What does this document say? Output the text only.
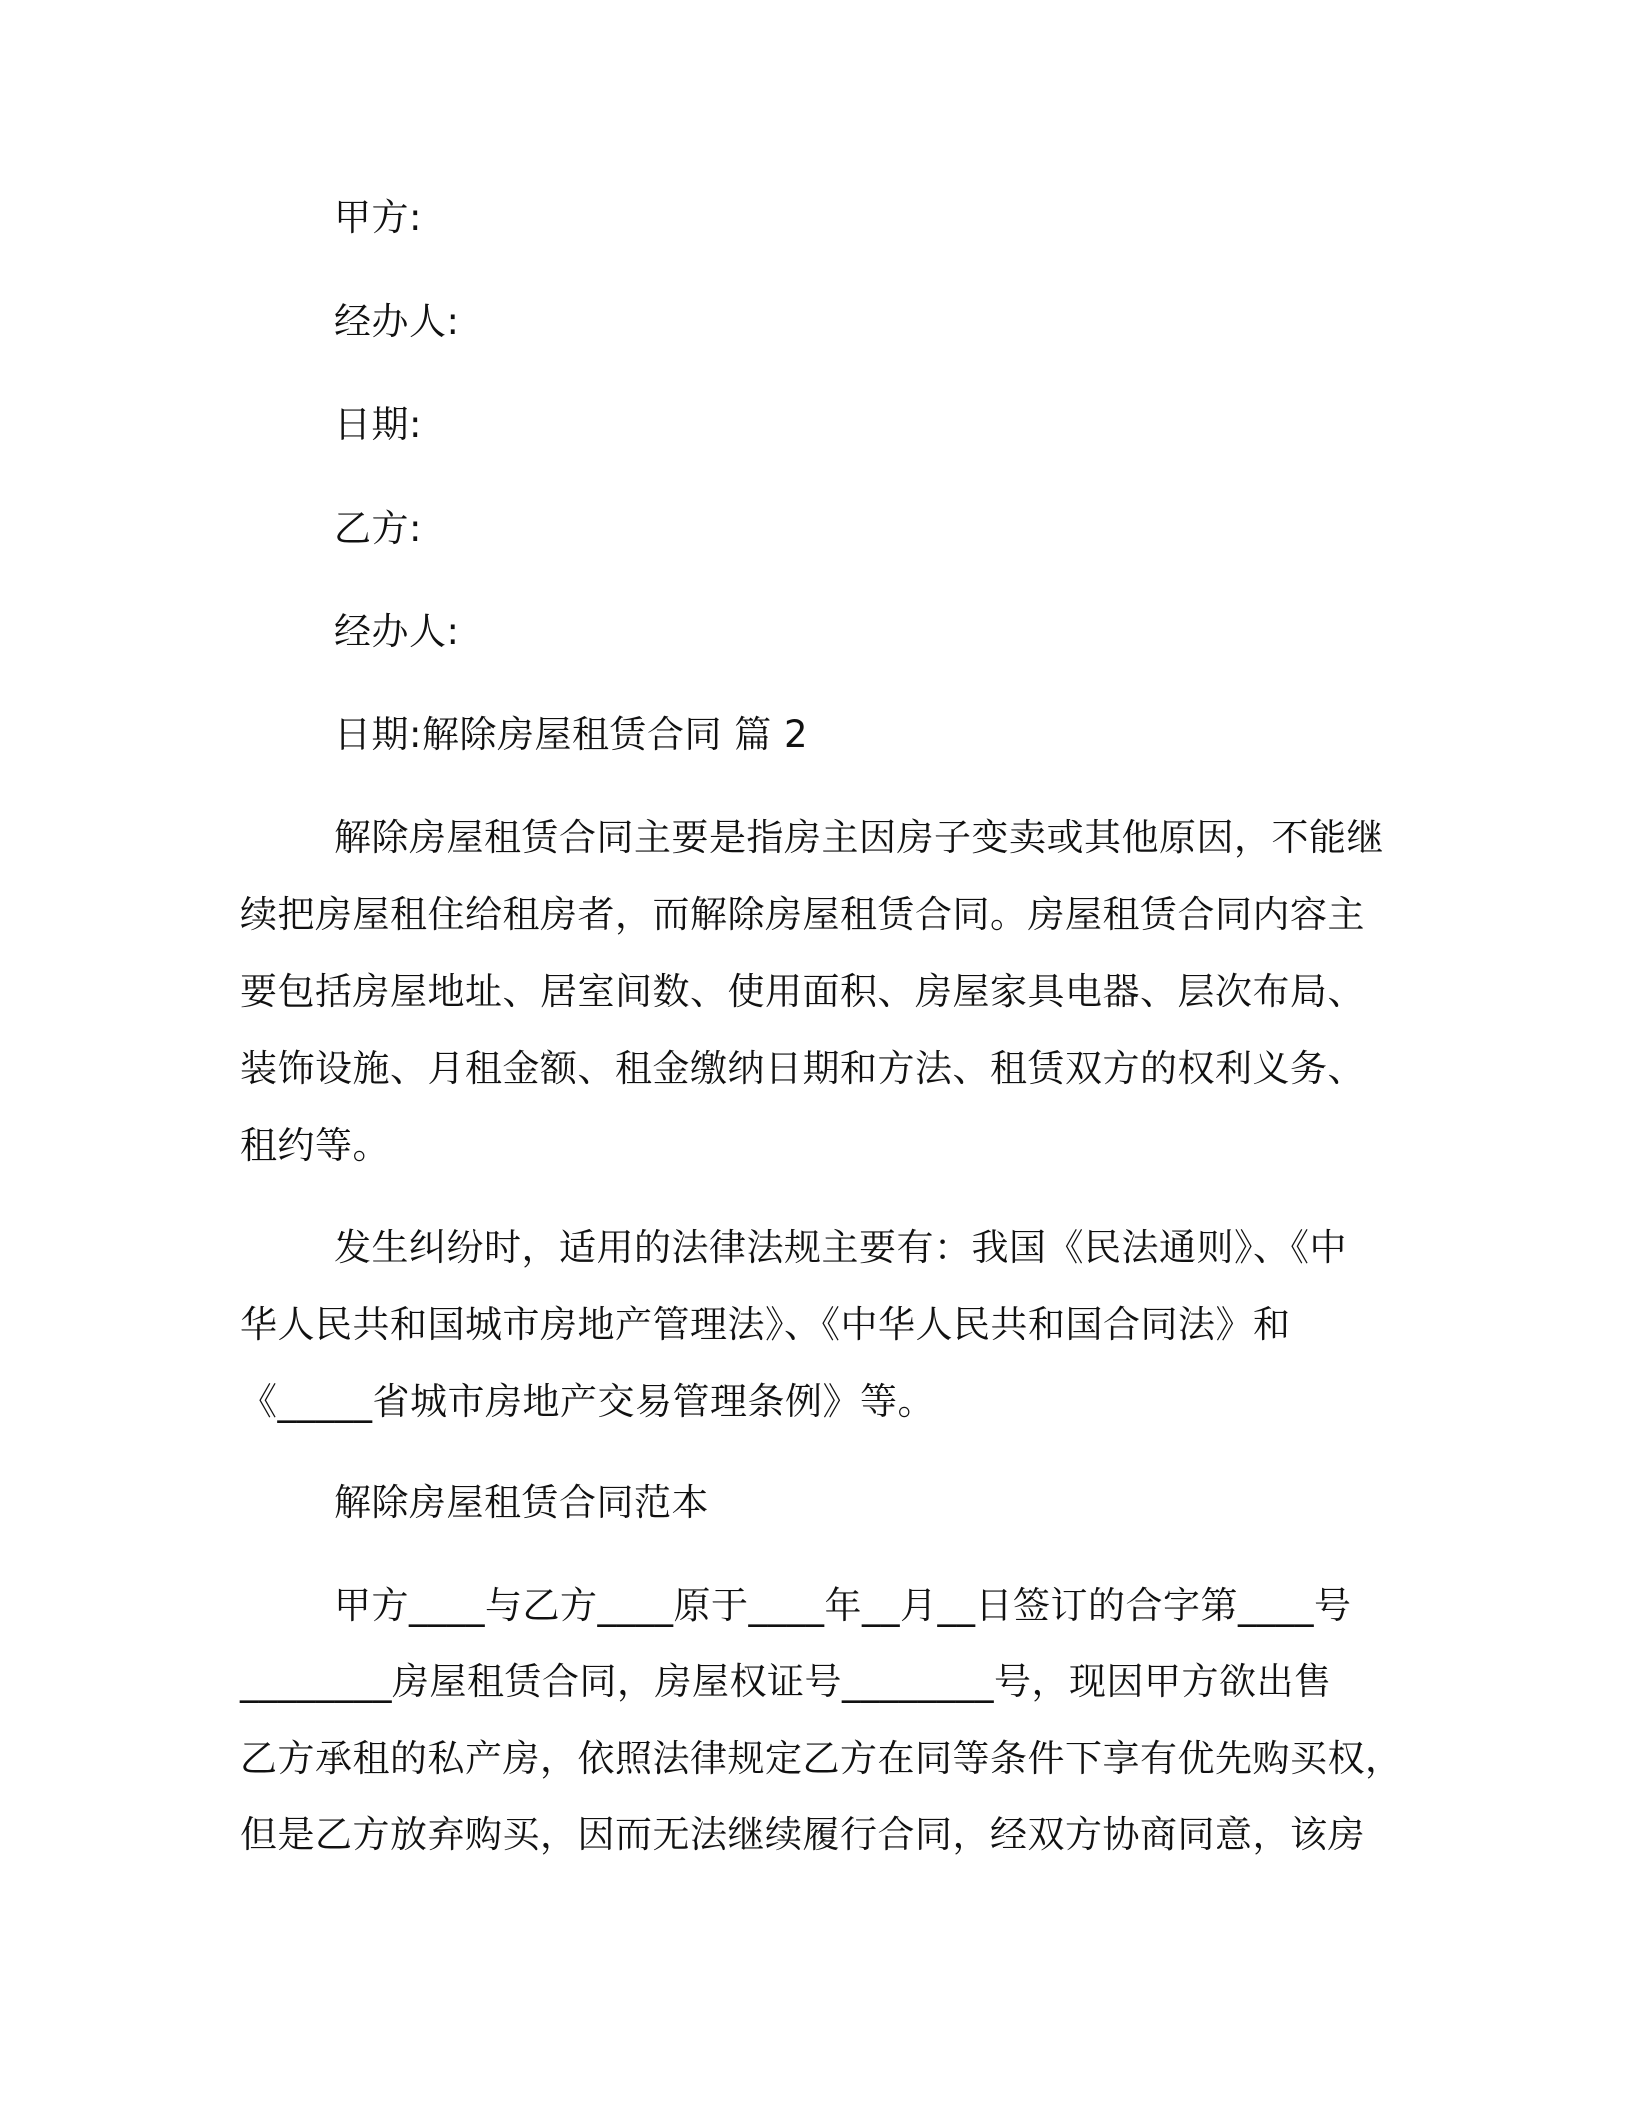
甲方:
经办人:
日期:
乙方:
经办人:
日期:解除房屋租赁合同 篇 2
解除房屋租赁合同主要是指房主因房子变卖或其他原因，不能继
续把房屋租住给租房者，而解除房屋租赁合同。房屋租赁合同内容主
要包括房屋地址、居室间数、使用面积、房屋家具电器、层次布局、
装饰设施、月租金额、租金缴纳日期和方法、租赁双方的权利义务、
租约等。
发生纠纷时，适用的法律法规主要有：我国《民法通则》、《中
华人民共和国城市房地产管理法》、《中华人民共和国合同法》和
《_____省城市房地产交易管理条例》等。
解除房屋租赁合同范本
甲方____与乙方____原于____年__月__日签订的合字第____号
________房屋租赁合同，房屋权证号________号，现因甲方欲出售
乙方承租的私产房，依照法律规定乙方在同等条件下享有优先购买权，
但是乙方放弃购买，因而无法继续履行合同，经双方协商同意，该房
